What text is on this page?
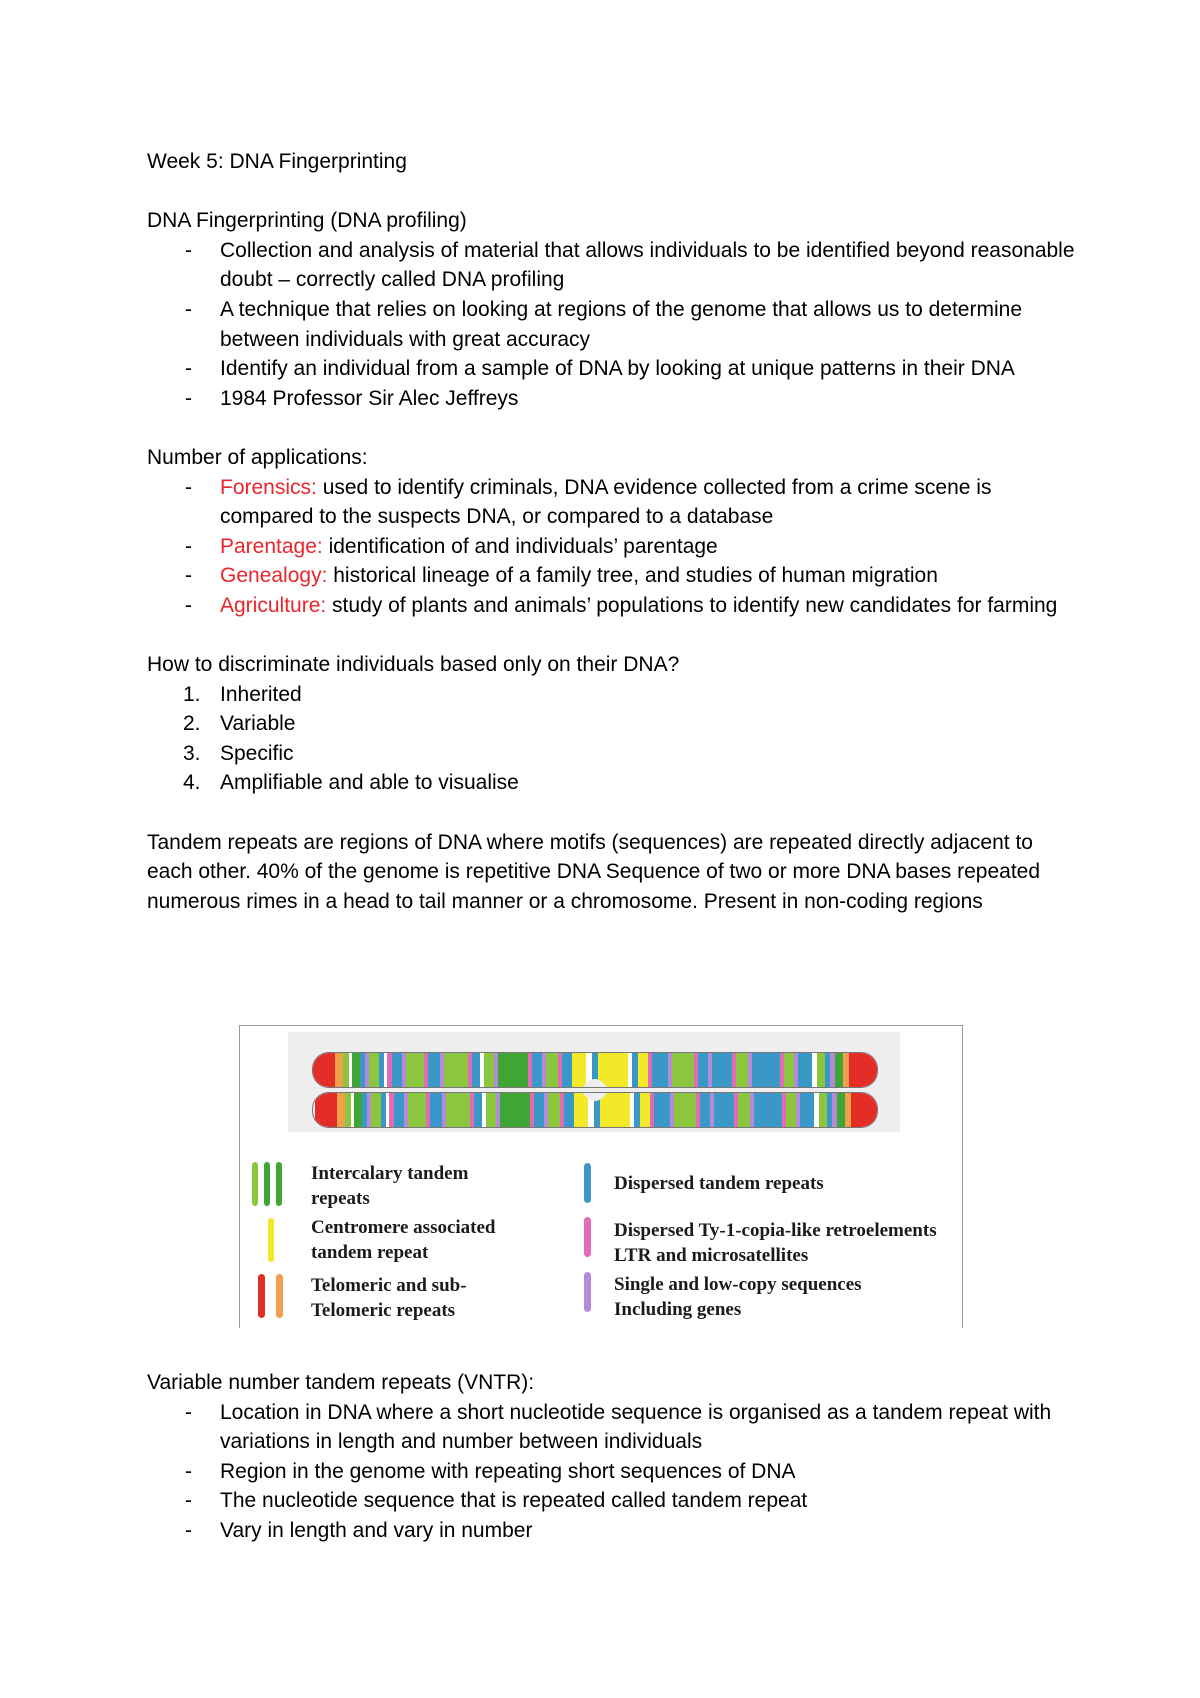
Week 5: DNA Fingerprinting

DNA Fingerprinting (DNA profiling)

- Collection and analysis of material that allows individuals to be identified beyond reasonable doubt – correctly called DNA profiling
- A technique that relies on looking at regions of the genome that allows us to determine between individuals with great accuracy
- Identify an individual from a sample of DNA by looking at unique patterns in their DNA
- 1984 Professor Sir Alec Jeffreys

Number of applications:

- Forensics: used to identify criminals, DNA evidence collected from a crime scene is compared to the suspects DNA, or compared to a database
- Parentage: identification of and individuals’ parentage
- Genealogy: historical lineage of a family tree, and studies of human migration
- Agriculture: study of plants and animals’ populations to identify new candidates for farming

How to discriminate individuals based only on their DNA?

1. Inherited
2. Variable
3. Specific
4. Amplifiable and able to visualise

Tandem repeats are regions of DNA where motifs (sequences) are repeated directly adjacent to each other. 40% of the genome is repetitive DNA Sequence of two or more DNA bases repeated numerous rimes in a head to tail manner or a chromosome. Present in non-coding regions

Intercalary tandem
repeats
Centromere associated
tandem repeat
Telomeric and sub-
Telomeric repeats
Dispersed tandem repeats
Dispersed Ty-1-copia-like retroelements
LTR and microsatellites
Single and low-copy sequences
Including genes

Variable number tandem repeats (VNTR):

- Location in DNA where a short nucleotide sequence is organised as a tandem repeat with variations in length and number between individuals
- Region in the genome with repeating short sequences of DNA
- The nucleotide sequence that is repeated called tandem repeat
- Vary in length and vary in number
